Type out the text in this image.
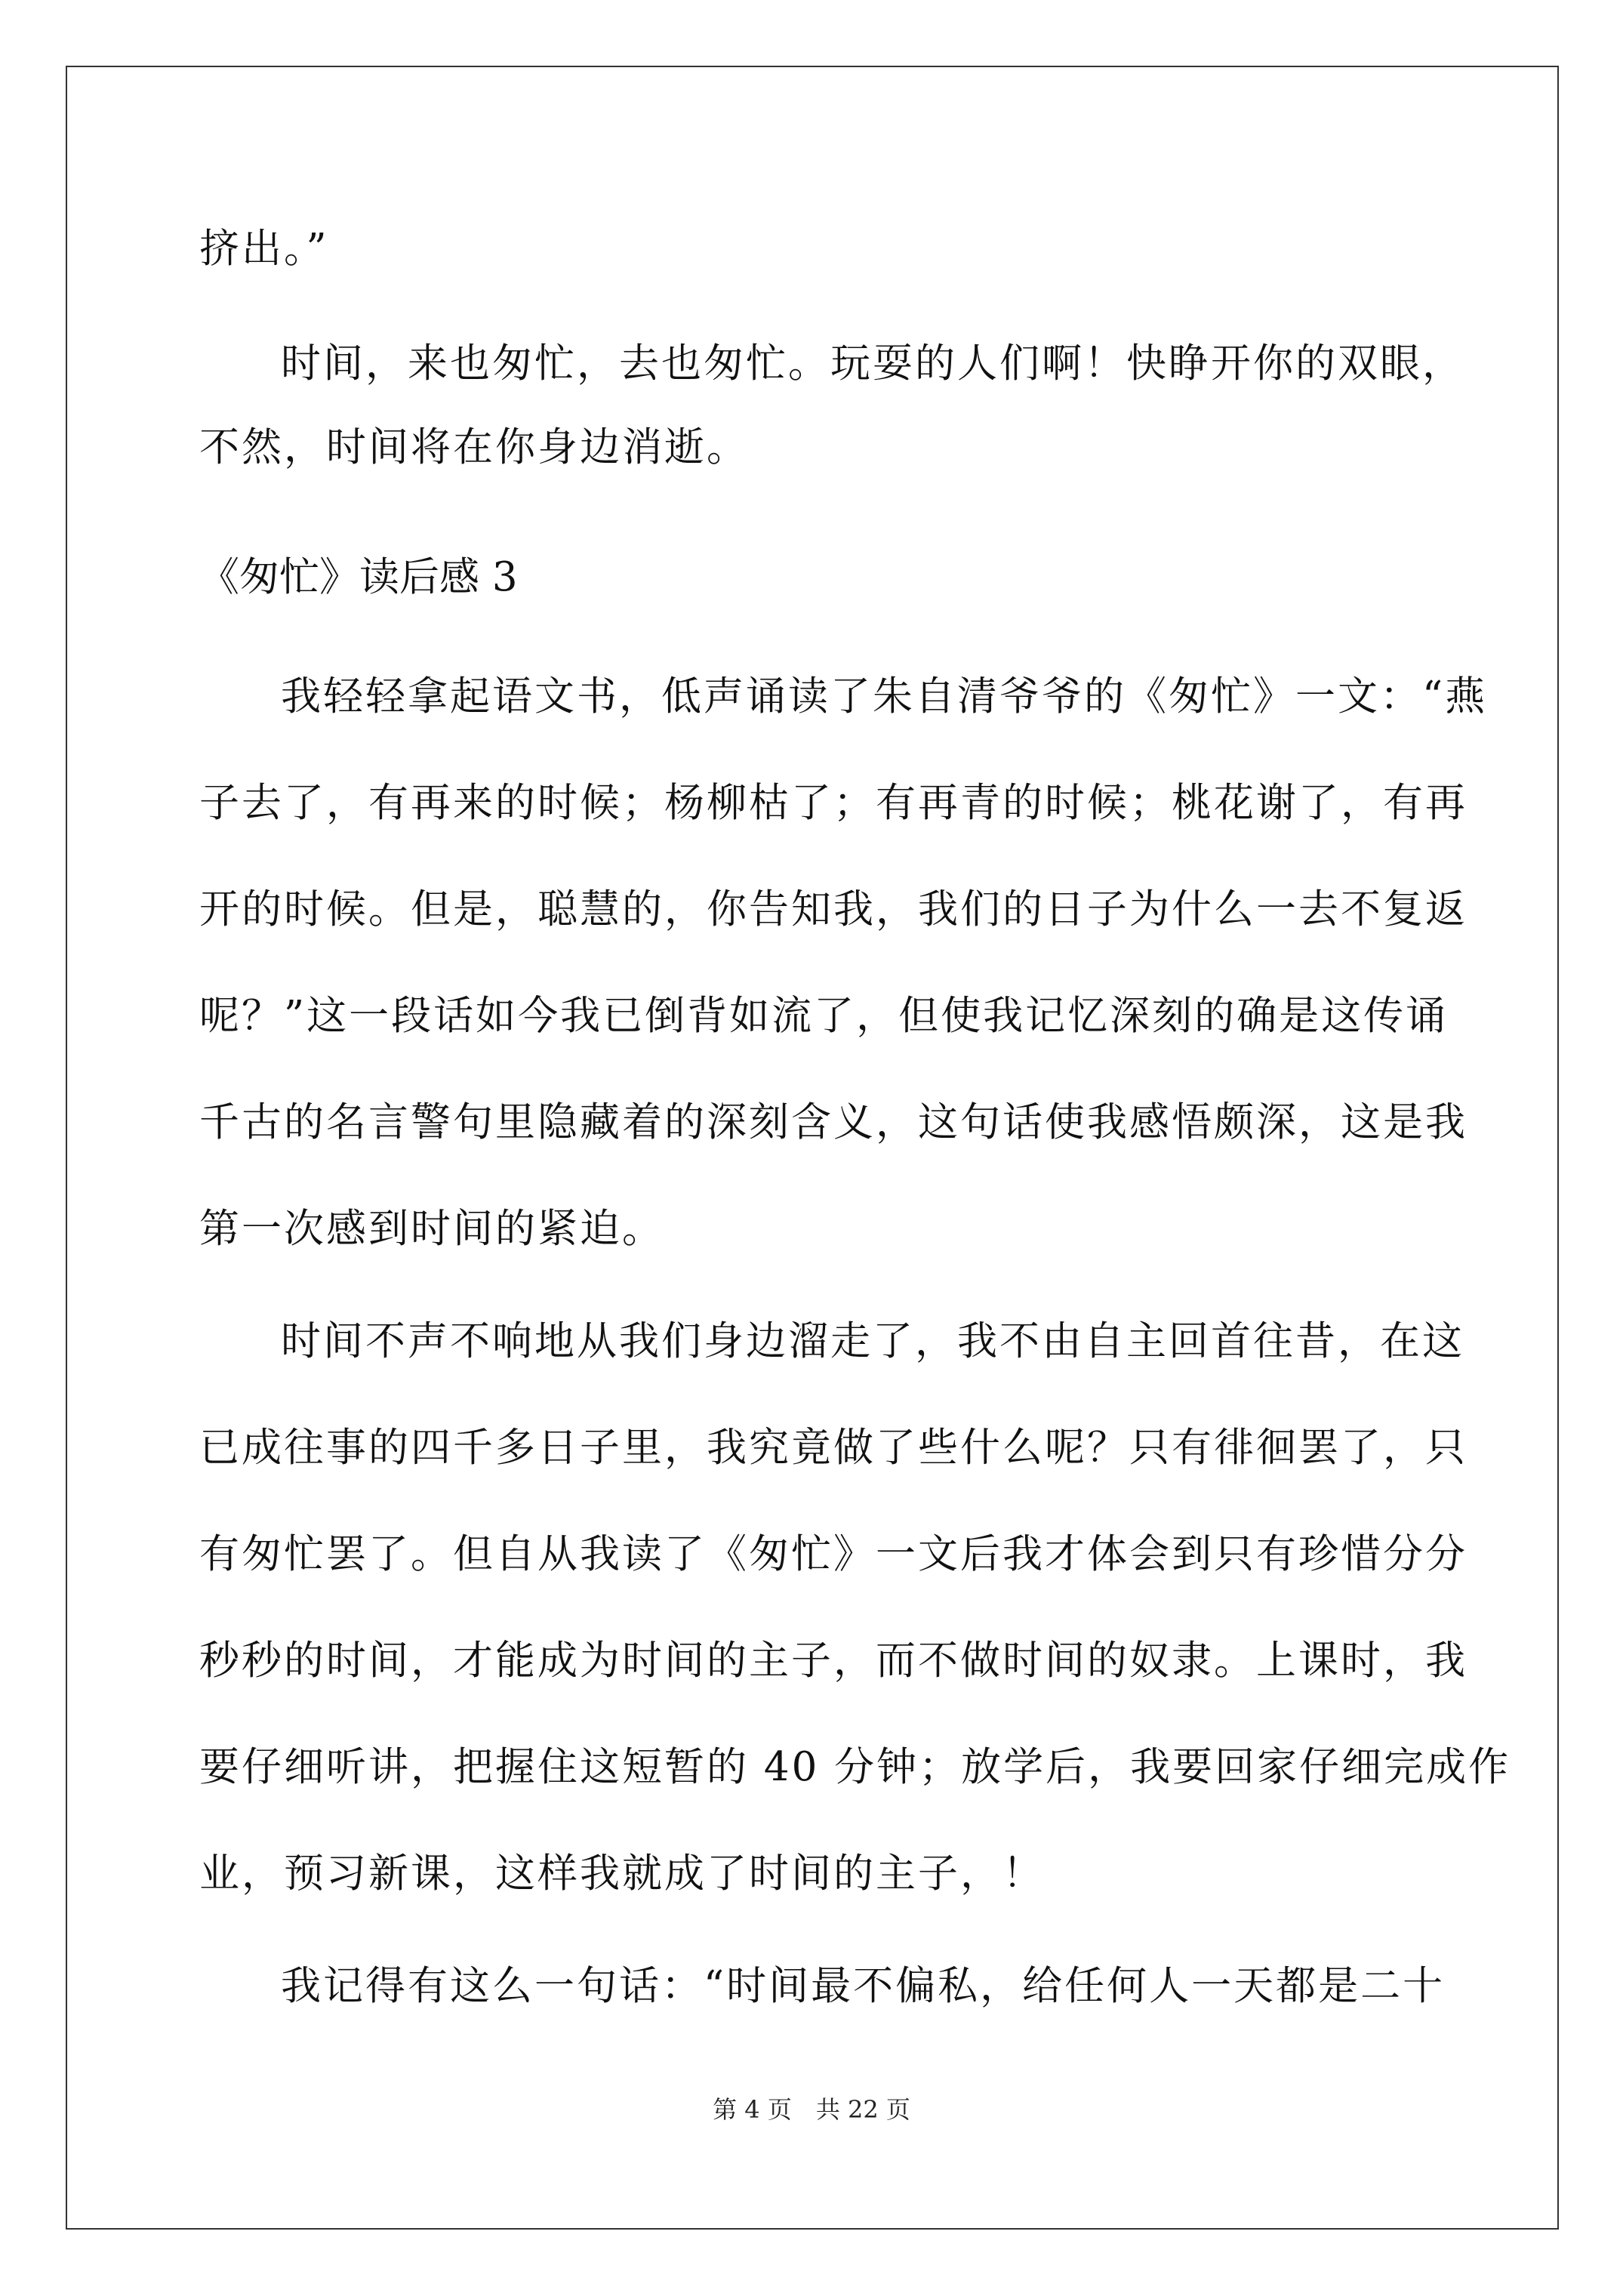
挤出。”
时间，来也匆忙，去也匆忙。玩耍的人们啊！快睁开你的双眼，
不然，时间将在你身边消逝。
《匆忙》读后感 3
我轻轻拿起语文书，低声诵读了朱自清爷爷的《匆忙》一文：“燕
子去了，有再来的时候；杨柳枯了；有再青的时候；桃花谢了，有再
开的时候。但是，聪慧的，你告知我，我们的日子为什么一去不复返
呢？”这一段话如今我已倒背如流了，但使我记忆深刻的确是这传诵
千古的名言警句里隐藏着的深刻含义，这句话使我感悟颇深，这是我
第一次感到时间的紧迫。
时间不声不响地从我们身边溜走了，我不由自主回首往昔，在这
已成往事的四千多日子里，我究竟做了些什么呢？只有徘徊罢了，只
有匆忙罢了。但自从我读了《匆忙》一文后我才体会到只有珍惜分分
秒秒的时间，才能成为时间的主子，而不做时间的奴隶。上课时，我
要仔细听讲，把握住这短暂的 40 分钟；放学后，我要回家仔细完成作
业，预习新课，这样我就成了时间的主子，！
我记得有这么一句话：“时间最不偏私，给任何人一天都是二十
第 4 页　共 22 页
